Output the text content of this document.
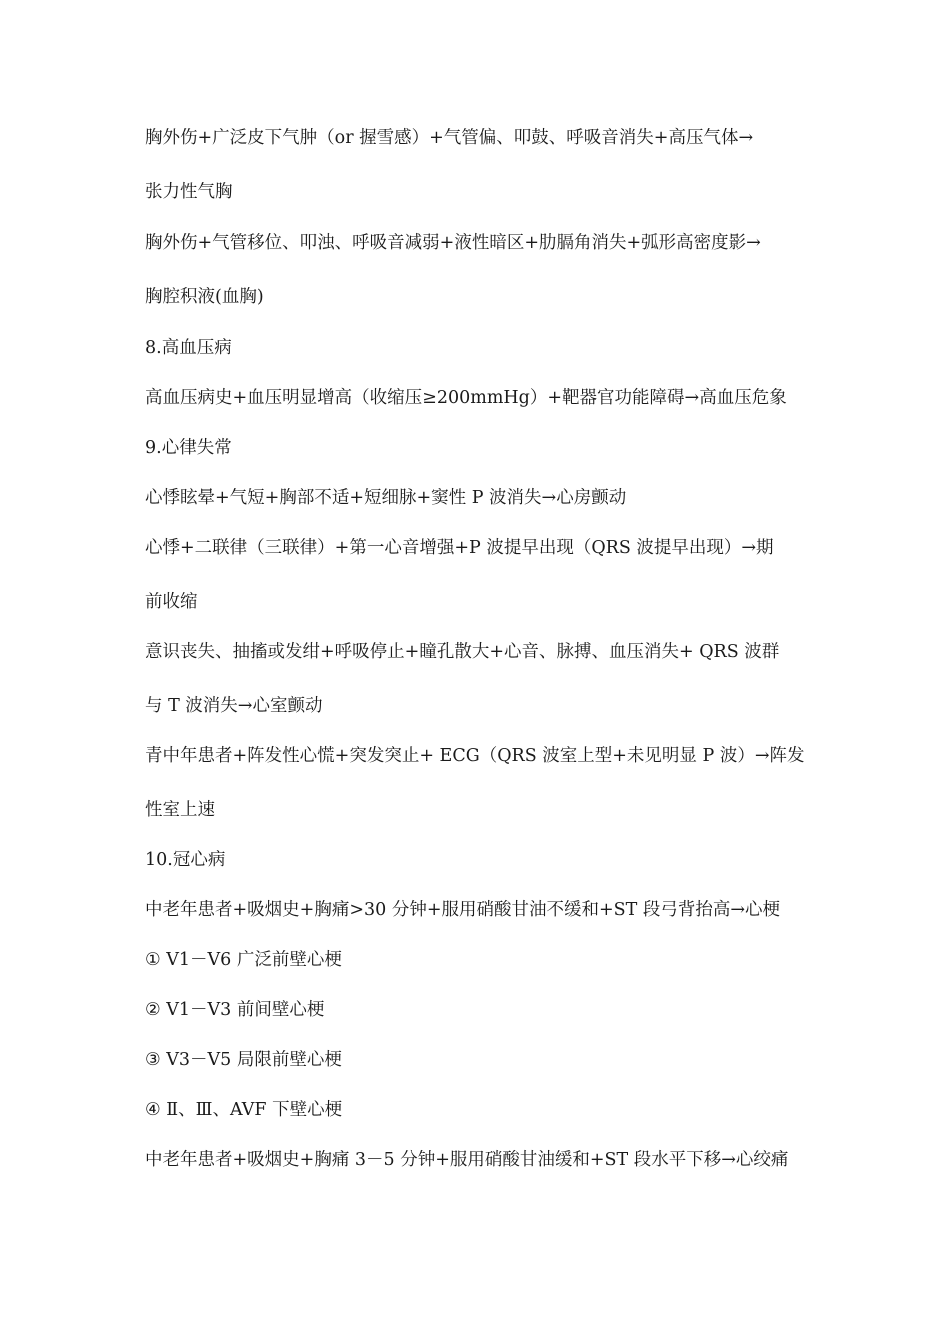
胸外伤+广泛皮下气肿（or 握雪感）+气管偏、叩鼓、呼吸音消失+高压气体→
张力性气胸
胸外伤+气管移位、叩浊、呼吸音减弱+液性暗区+肋膈角消失+弧形高密度影→
胸腔积液(血胸)
8.高血压病
高血压病史+血压明显增高（收缩压≥200mmHg）+靶器官功能障碍→高血压危象
9.心律失常
心悸眩晕+气短+胸部不适+短细脉+窦性 P 波消失→心房颤动
心悸+二联律（三联律）+第一心音增强+P 波提早出现（QRS 波提早出现）→期
前收缩
意识丧失、抽搐或发绀+呼吸停止+瞳孔散大+心音、脉搏、血压消失+ QRS 波群
与 T 波消失→心室颤动
青中年患者+阵发性心慌+突发突止+ ECG（QRS 波室上型+未见明显 P 波）→阵发
性室上速
10.冠心病
中老年患者+吸烟史+胸痛>30 分钟+服用硝酸甘油不缓和+ST 段弓背抬高→心梗
① V1－V6 广泛前壁心梗
② V1－V3 前间壁心梗
③ V3－V5 局限前壁心梗
④ Ⅱ、Ⅲ、AVF 下壁心梗
中老年患者+吸烟史+胸痛 3－5 分钟+服用硝酸甘油缓和+ST 段水平下移→心绞痛
